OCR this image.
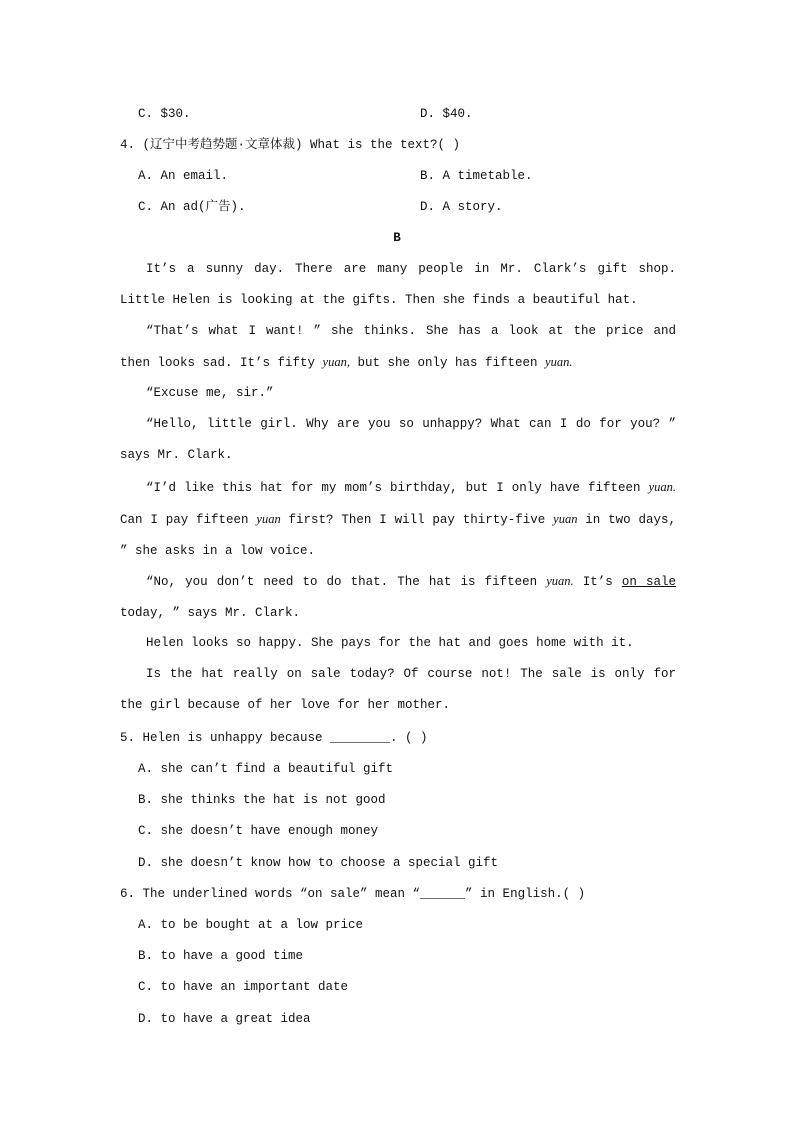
C. $30.	D. $40.
4. (辽宁中考趋势题·文章体裁) What is the text?( )
A. An email.	B. A timetable.
C. An ad(广告).	D. A story.
B
It’s a sunny day. There are many people in Mr. Clark’s gift shop. Little Helen is looking at the gifts. Then she finds a beautiful hat.
“That’s what I want! ” she thinks. She has a look at the price and then looks sad. It’s fifty yuan, but she only has fifteen yuan.
“Excuse me, sir.”
“Hello, little girl. Why are you so unhappy? What can I do for you? ” says Mr. Clark.
“I’d like this hat for my mom’s birthday, but I only have fifteen yuan. Can I pay fifteen yuan first? Then I will pay thirty-five yuan in two days, ” she asks in a low voice.
“No, you don’t need to do that. The hat is fifteen yuan. It’s on sale today, ” says Mr. Clark.
Helen looks so happy. She pays for the hat and goes home with it.
Is the hat really on sale today? Of course not! The sale is only for the girl because of her love for her mother.
5. Helen is unhappy because ________. ( )
A. she can’t find a beautiful gift
B. she thinks the hat is not good
C. she doesn’t have enough money
D. she doesn’t know how to choose a special gift
6. The underlined words “on sale” mean “______” in English.( )
A. to be bought at a low price
B. to have a good time
C. to have an important date
D. to have a great idea
